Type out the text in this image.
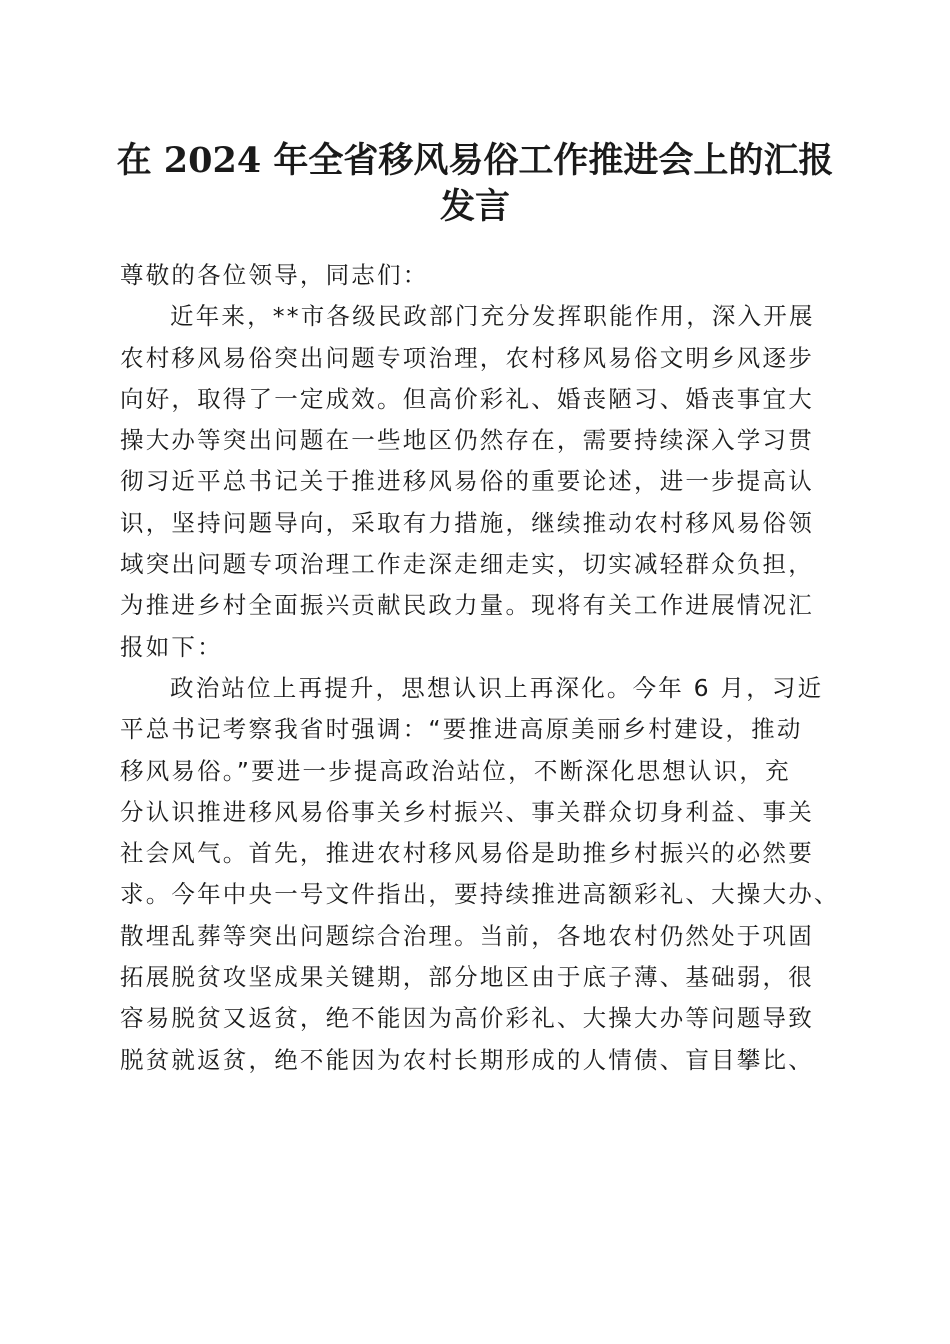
在 2024 年全省移风易俗工作推进会上的汇报
发言
尊敬的各位领导，同志们：
近年来，**市各级民政部门充分发挥职能作用，深入开展
农村移风易俗突出问题专项治理，农村移风易俗文明乡风逐步
向好，取得了一定成效。但高价彩礼、婚丧陋习、婚丧事宜大
操大办等突出问题在一些地区仍然存在，需要持续深入学习贯
彻习近平总书记关于推进移风易俗的重要论述，进一步提高认
识，坚持问题导向，采取有力措施，继续推动农村移风易俗领
域突出问题专项治理工作走深走细走实，切实减轻群众负担，
为推进乡村全面振兴贡献民政力量。现将有关工作进展情况汇
报如下：
政治站位上再提升，思想认识上再深化。今年 6 月，习近
平总书记考察我省时强调：“要推进高原美丽乡村建设，推动
移风易俗。”要进一步提高政治站位，不断深化思想认识，充
分认识推进移风易俗事关乡村振兴、事关群众切身利益、事关
社会风气。首先，推进农村移风易俗是助推乡村振兴的必然要
求。今年中央一号文件指出，要持续推进高额彩礼、大操大办、
散埋乱葬等突出问题综合治理。当前，各地农村仍然处于巩固
拓展脱贫攻坚成果关键期，部分地区由于底子薄、基础弱，很
容易脱贫又返贫，绝不能因为高价彩礼、大操大办等问题导致
脱贫就返贫，绝不能因为农村长期形成的人情债、盲目攀比、
